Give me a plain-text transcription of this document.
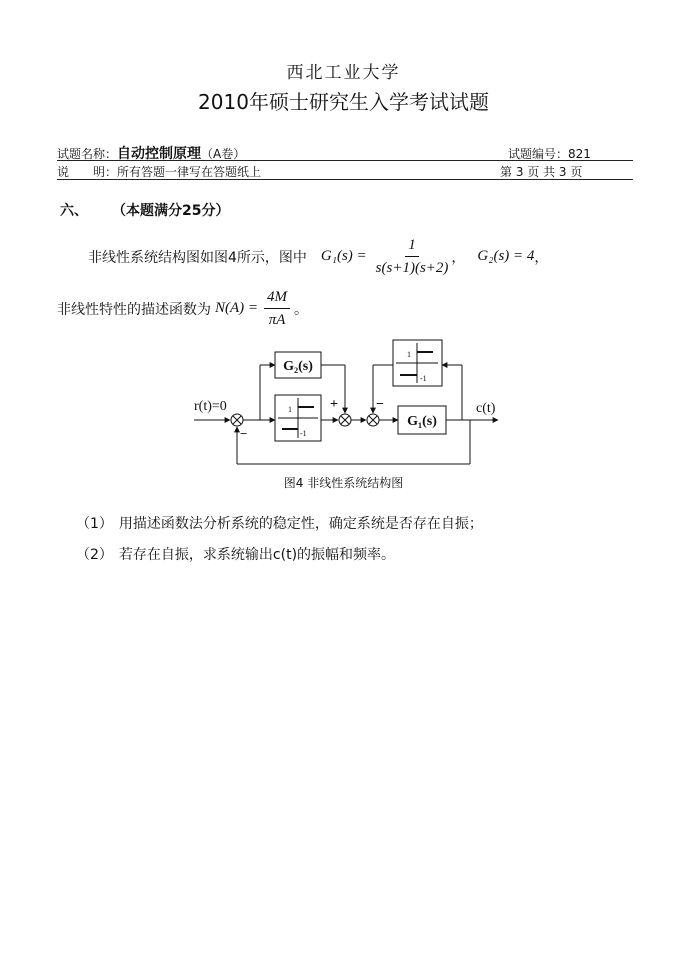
西北工业大学
2010年硕士研究生入学考试试题
试题名称：自动控制原理（A卷）	试题编号：821
说　　明：所有答题一律写在答题纸上	第 3 页 共 3 页
六、 （本题满分25分）
非线性系统结构图如图4所示，图中 $G_1(s) = \frac{1}{s(s+1)(s+2)}$ ， G₂(s) = 4 ，
非线性特性的描述函数为 $N(A) = \frac{4M}{\pi A}$ 。
r(t)=0	c(t)
G₂(s)
G₁(s)
1
-1
1
-1
+	−
−
图4 非线性系统结构图
（1） 用描述函数法分析系统的稳定性，确定系统是否存在自振；
（2） 若存在自振，求系统输出c(t)的振幅和频率。
